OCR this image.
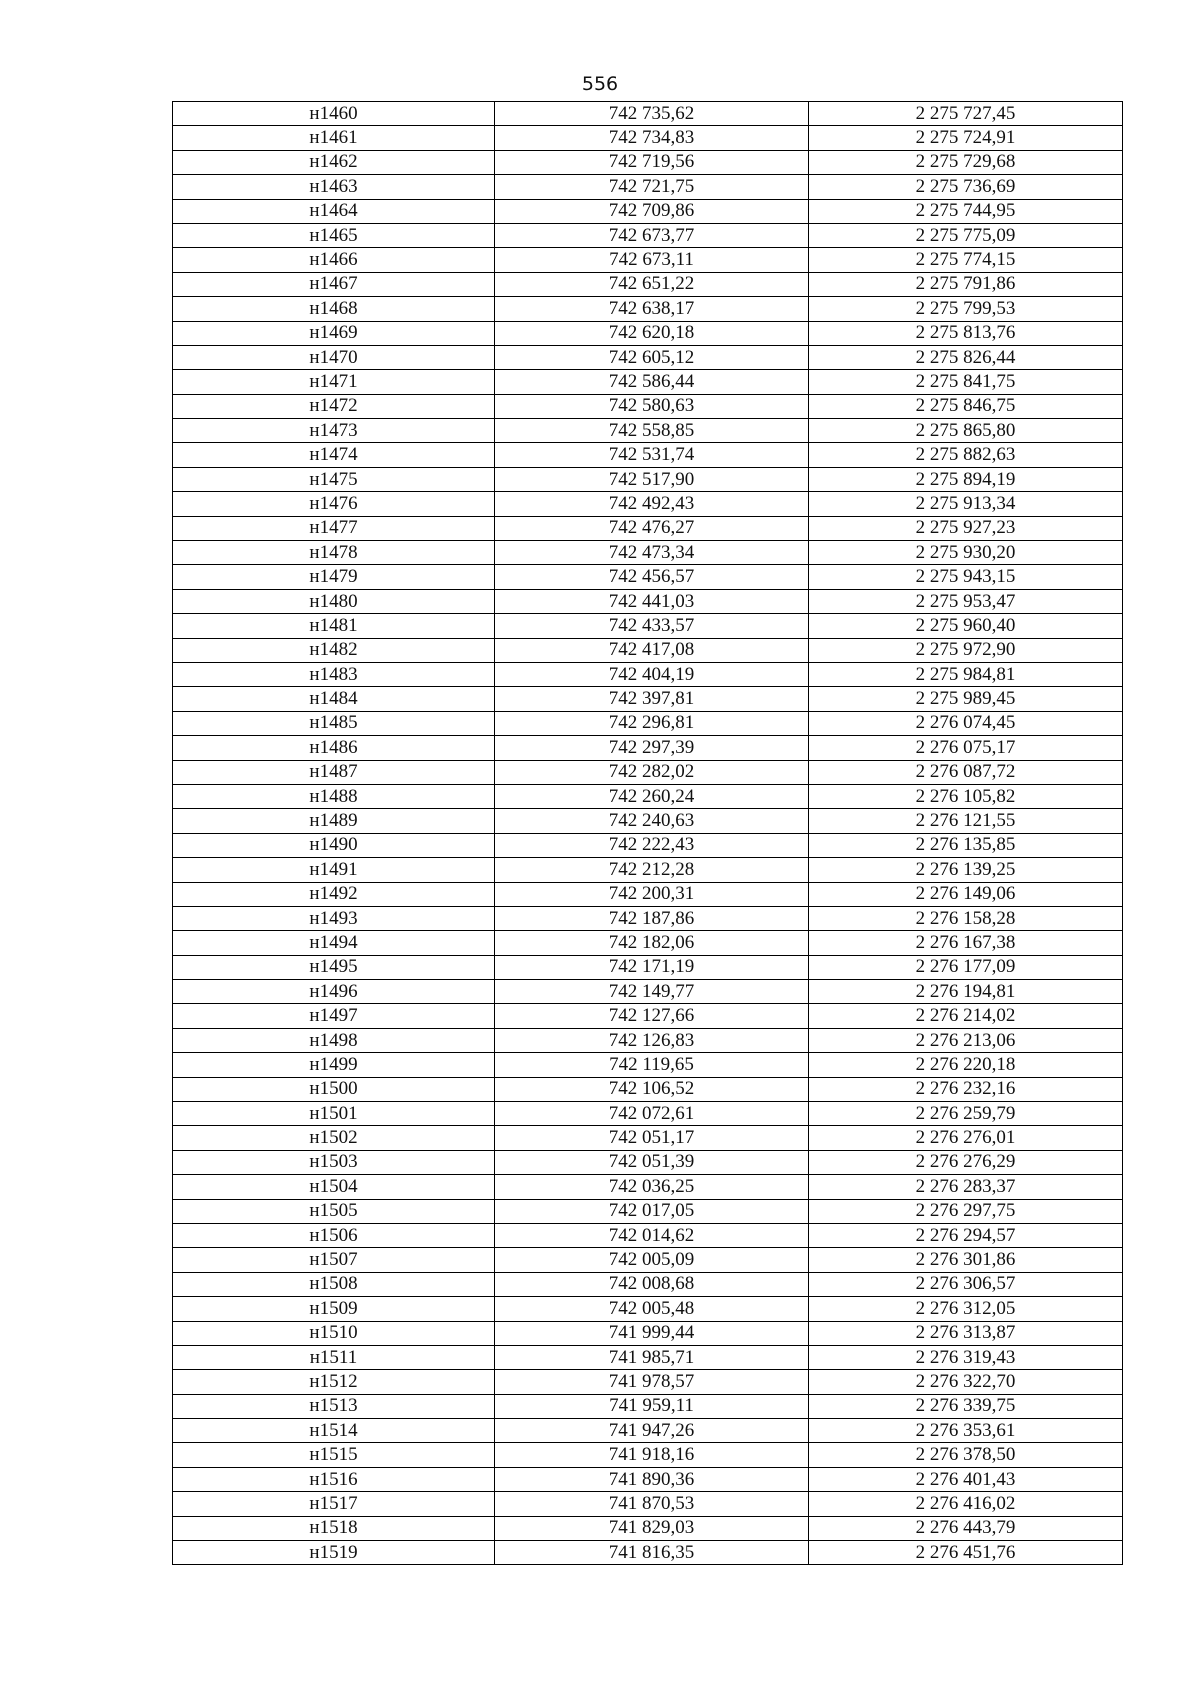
556
н1460	742 735,62	2 275 727,45
н1461	742 734,83	2 275 724,91
н1462	742 719,56	2 275 729,68
н1463	742 721,75	2 275 736,69
н1464	742 709,86	2 275 744,95
н1465	742 673,77	2 275 775,09
н1466	742 673,11	2 275 774,15
н1467	742 651,22	2 275 791,86
н1468	742 638,17	2 275 799,53
н1469	742 620,18	2 275 813,76
н1470	742 605,12	2 275 826,44
н1471	742 586,44	2 275 841,75
н1472	742 580,63	2 275 846,75
н1473	742 558,85	2 275 865,80
н1474	742 531,74	2 275 882,63
н1475	742 517,90	2 275 894,19
н1476	742 492,43	2 275 913,34
н1477	742 476,27	2 275 927,23
н1478	742 473,34	2 275 930,20
н1479	742 456,57	2 275 943,15
н1480	742 441,03	2 275 953,47
н1481	742 433,57	2 275 960,40
н1482	742 417,08	2 275 972,90
н1483	742 404,19	2 275 984,81
н1484	742 397,81	2 275 989,45
н1485	742 296,81	2 276 074,45
н1486	742 297,39	2 276 075,17
н1487	742 282,02	2 276 087,72
н1488	742 260,24	2 276 105,82
н1489	742 240,63	2 276 121,55
н1490	742 222,43	2 276 135,85
н1491	742 212,28	2 276 139,25
н1492	742 200,31	2 276 149,06
н1493	742 187,86	2 276 158,28
н1494	742 182,06	2 276 167,38
н1495	742 171,19	2 276 177,09
н1496	742 149,77	2 276 194,81
н1497	742 127,66	2 276 214,02
н1498	742 126,83	2 276 213,06
н1499	742 119,65	2 276 220,18
н1500	742 106,52	2 276 232,16
н1501	742 072,61	2 276 259,79
н1502	742 051,17	2 276 276,01
н1503	742 051,39	2 276 276,29
н1504	742 036,25	2 276 283,37
н1505	742 017,05	2 276 297,75
н1506	742 014,62	2 276 294,57
н1507	742 005,09	2 276 301,86
н1508	742 008,68	2 276 306,57
н1509	742 005,48	2 276 312,05
н1510	741 999,44	2 276 313,87
н1511	741 985,71	2 276 319,43
н1512	741 978,57	2 276 322,70
н1513	741 959,11	2 276 339,75
н1514	741 947,26	2 276 353,61
н1515	741 918,16	2 276 378,50
н1516	741 890,36	2 276 401,43
н1517	741 870,53	2 276 416,02
н1518	741 829,03	2 276 443,79
н1519	741 816,35	2 276 451,76
